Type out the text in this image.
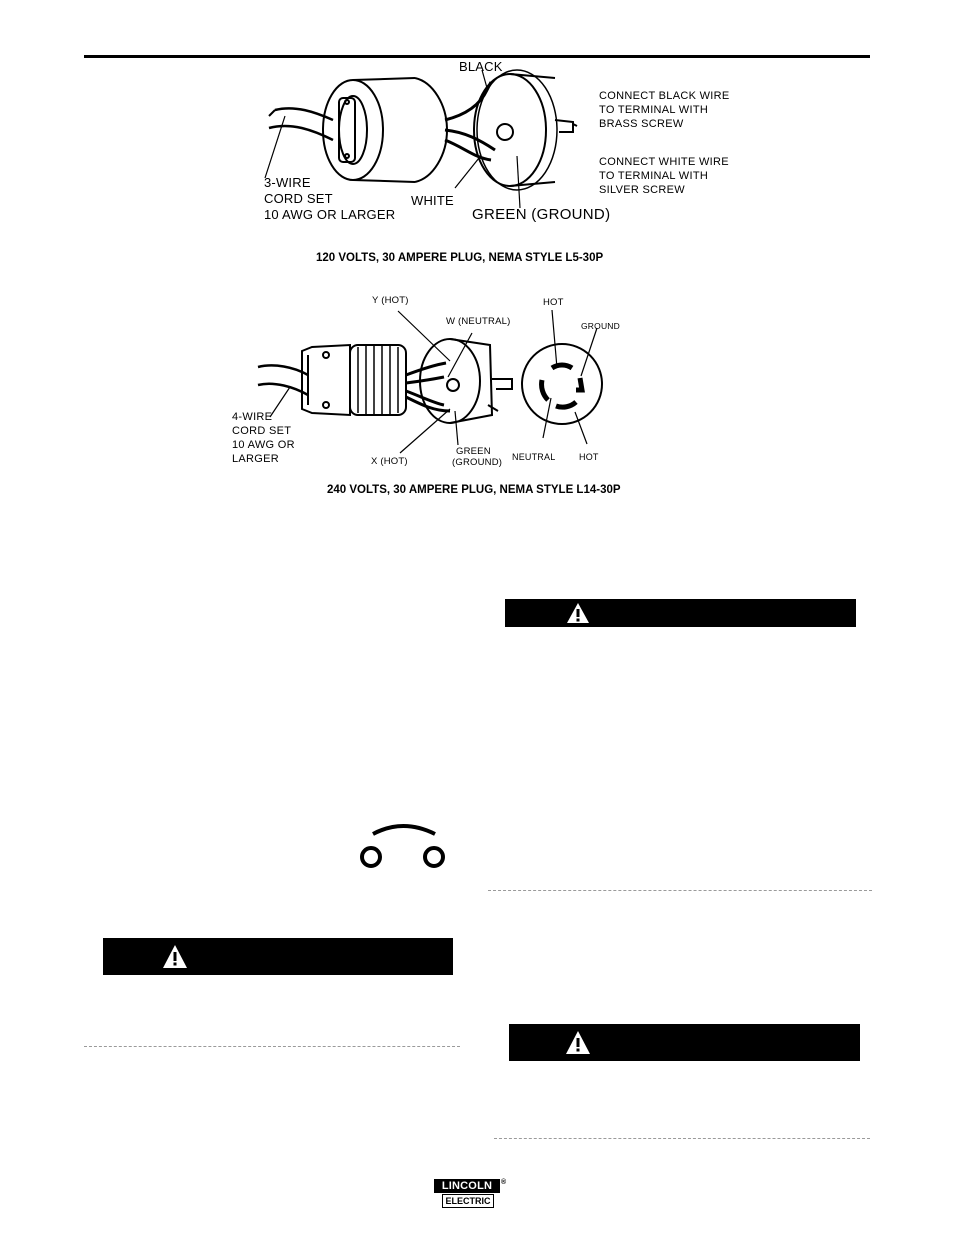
BLACK
CONNECT BLACK WIRE
TO TERMINAL WITH
BRASS SCREW
CONNECT WHITE WIRE
TO TERMINAL WITH
SILVER SCREW
3-WIRE
CORD SET
10 AWG OR LARGER
WHITE
GREEN (GROUND)
120 VOLTS, 30 AMPERE PLUG, NEMA STYLE L5-30P
Y (HOT)
W (NEUTRAL)
HOT
GROUND
4-WIRE
CORD SET
10 AWG OR
LARGER	X (HOT)
GREEN
(GROUND) NEUTRAL	HOT
240 VOLTS, 30 AMPERE PLUG, NEMA STYLE L14-30P
LINCOLN
ELECTRIC
®
